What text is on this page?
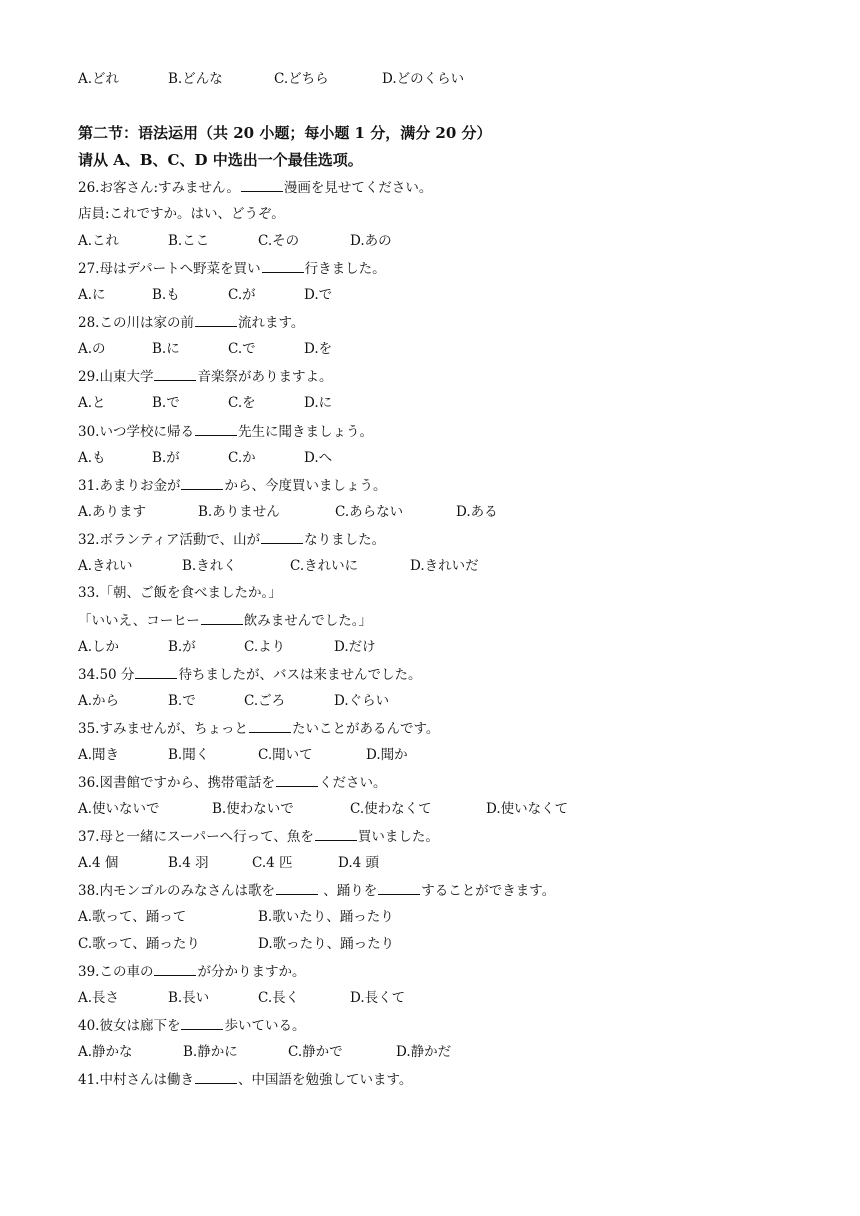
A.どれ	B.どんな	C.どちら	D.どのくらい
第二节：语法运用（共 20 小题；每小题 1 分，满分 20 分）
请从 A、B、C、D 中选出一个最佳选项。
26.お客さん:すみません。	漫画を見せてください。
店員:これですか。はい、どうぞ。
A.これ	B.ここ	C.その	D.あの
27.母はデパートへ野菜を買い	行きました。
A.に	B.も	C.が	D.で
28.この川は家の前	流れます。
A.の	B.に	C.で	D.を
29.山東大学	音楽祭がありますよ。
A.と	B.で	C.を	D.に
30.いつ学校に帰る	先生に聞きましょう。
A.も	B.が	C.か	D.へ
31.あまりお金が	から、今度買いましょう。
A.あります	B.ありません	C.あらない	D.ある
32.ボランティア活動で、山が	なりました。
A.きれい	B.きれく	C.きれいに	D.きれいだ
33.「朝、ご飯を食べましたか。」
「いいえ、コーヒー	飲みませんでした。」
A.しか	B.が	C.より	D.だけ
34.50 分	待ちましたが、バスは来ませんでした。
A.から	B.で	C.ごろ	D.ぐらい
35.すみませんが、ちょっと	たいことがあるんです。
A.聞き	B.聞く	C.聞いて	D.聞か
36.図書館ですから、携帯電話を	ください。
A.使いないで	B.使わないで	C.使わなくて	D.使いなくて
37.母と一緒にスーパーへ行って、魚を	買いました。
A.4 個	B.4 羽	C.4 匹	D.4 頭
38.内モンゴルのみなさんは歌を	、踊りを	することができます。
A.歌って、踊って	B.歌いたり、踊ったり
C.歌って、踊ったり	D.歌ったり、踊ったり
39.この車の	が分かりますか。
A.長さ	B.長い	C.長く	D.長くて
40.彼女は廊下を	歩いている。
A.静かな	B.静かに	C.静かで	D.静かだ
41.中村さんは働き	、中国語を勉強しています。
